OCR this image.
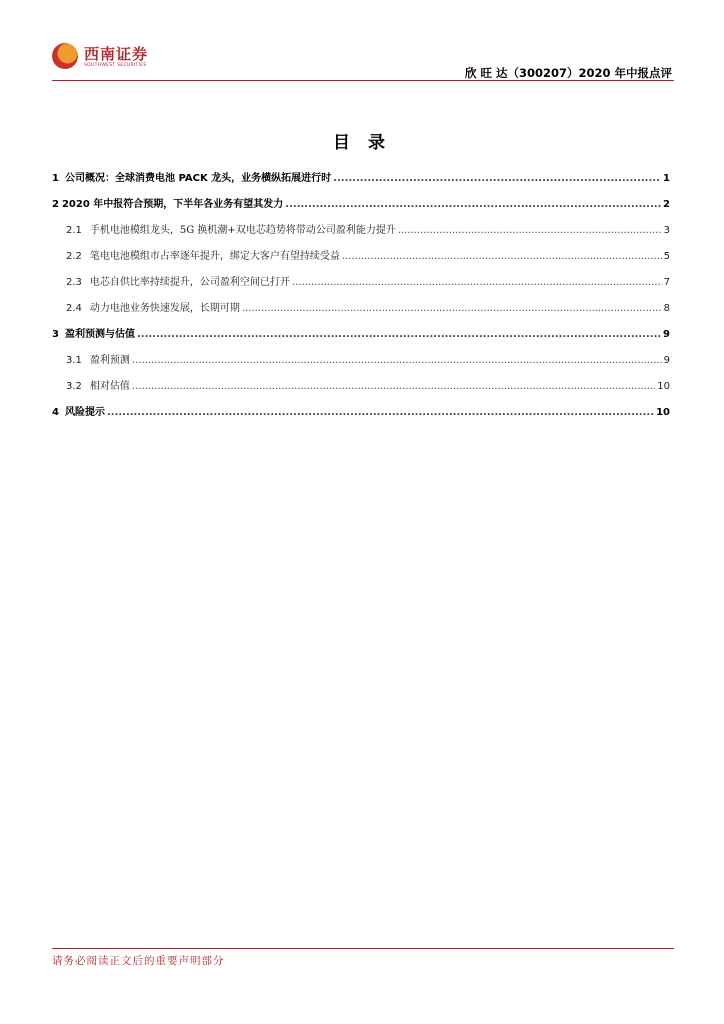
西南证券
SOUTHWEST SECURITIES
欣 旺 达（300207）2020 年中报点评
目 录
1 公司概况：全球消费电池 PACK 龙头，业务横纵拓展进行时 .....	1
2 2020 年中报符合预期，下半年各业务有望其发力 .....	2
2.1 手机电池模组龙头，5G 换机潮+双电芯趋势将带动公司盈利能力提升 .....	3
2.2 笔电电池模组市占率逐年提升，绑定大客户有望持续受益 .....	5
2.3 电芯自供比率持续提升，公司盈利空间已打开 .....	7
2.4 动力电池业务快速发展，长期可期 .....	8
3 盈利预测与估值 .....	9
3.1 盈利预测 .....	9
3.2 相对估值 .....	10
4 风险提示 .....	10
请务必阅读正文后的重要声明部分
